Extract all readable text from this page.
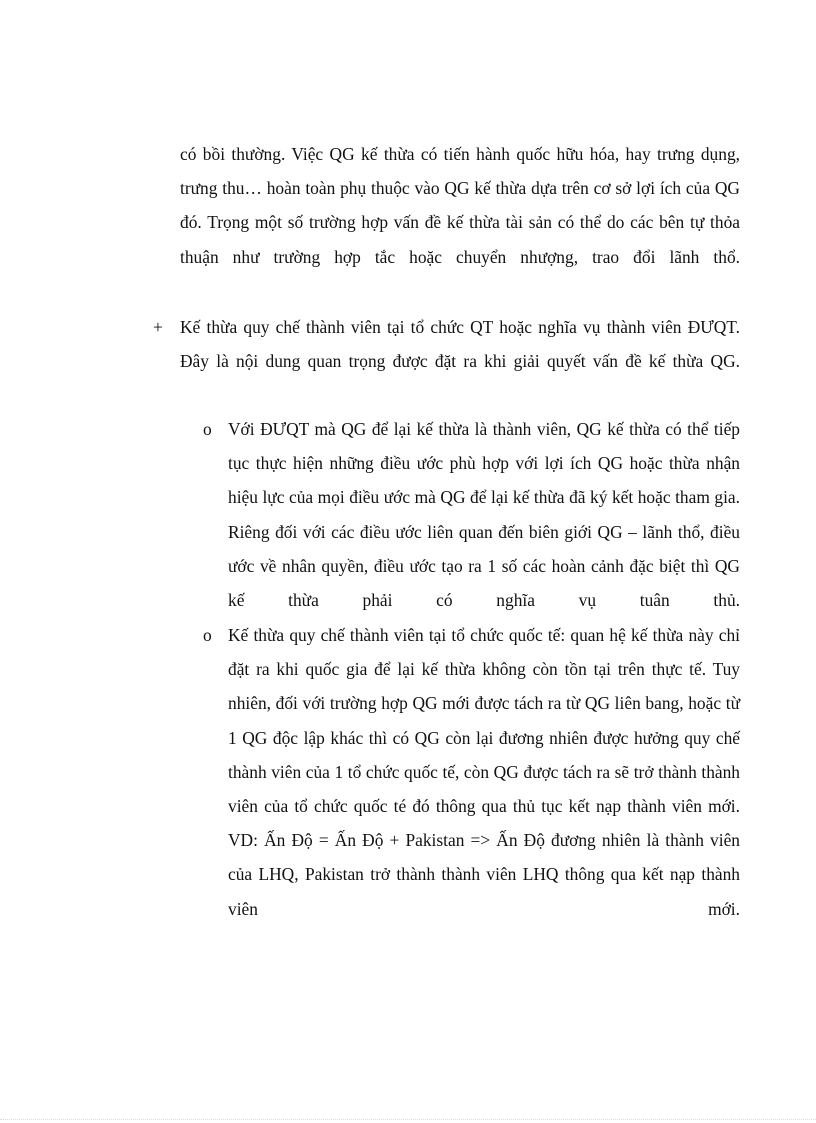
có bồi thường. Việc QG kế thừa có tiến hành quốc hữu hóa, hay trưng dụng, trưng thu… hoàn toàn phụ thuộc vào QG kế thừa dựa trên cơ sở lợi ích của QG đó. Trọng một số trường hợp vấn đề kế thừa tài sản có thể do các bên tự thỏa thuận như trường hợp tắc hoặc chuyển nhượng, trao đổi lãnh thổ.
+ Kế thừa quy chế thành viên tại tổ chức QT hoặc nghĩa vụ thành viên ĐƯQT. Đây là nội dung quan trọng được đặt ra khi giải quyết vấn đề kế thừa QG.
o Với ĐƯQT mà QG để lại kế thừa là thành viên, QG kế thừa có thể tiếp tục thực hiện những điều ước phù hợp với lợi ích QG hoặc thừa nhận hiệu lực của mọi điều ước mà QG để lại kế thừa đã ký kết hoặc tham gia. Riêng đối với các điều ước liên quan đến biên giới QG – lãnh thổ, điều ước về nhân quyền, điều ước tạo ra 1 số các hoàn cảnh đặc biệt thì QG kế thừa phải có nghĩa vụ tuân thủ.
o Kế thừa quy chế thành viên tại tổ chức quốc tế: quan hệ kế thừa này chỉ đặt ra khi quốc gia để lại kế thừa không còn tồn tại trên thực tế. Tuy nhiên, đối với trường hợp QG mới được tách ra từ QG liên bang, hoặc từ 1 QG độc lập khác thì có QG còn lại đương nhiên được hưởng quy chế thành viên của 1 tổ chức quốc tế, còn QG được tách ra sẽ trở thành thành viên của tổ chức quốc té đó thông qua thủ tục kết nạp thành viên mới. VD: Ấn Độ = Ấn Độ + Pakistan => Ấn Độ đương nhiên là thành viên của LHQ, Pakistan trở thành thành viên LHQ thông qua kết nạp thành viên mới.
